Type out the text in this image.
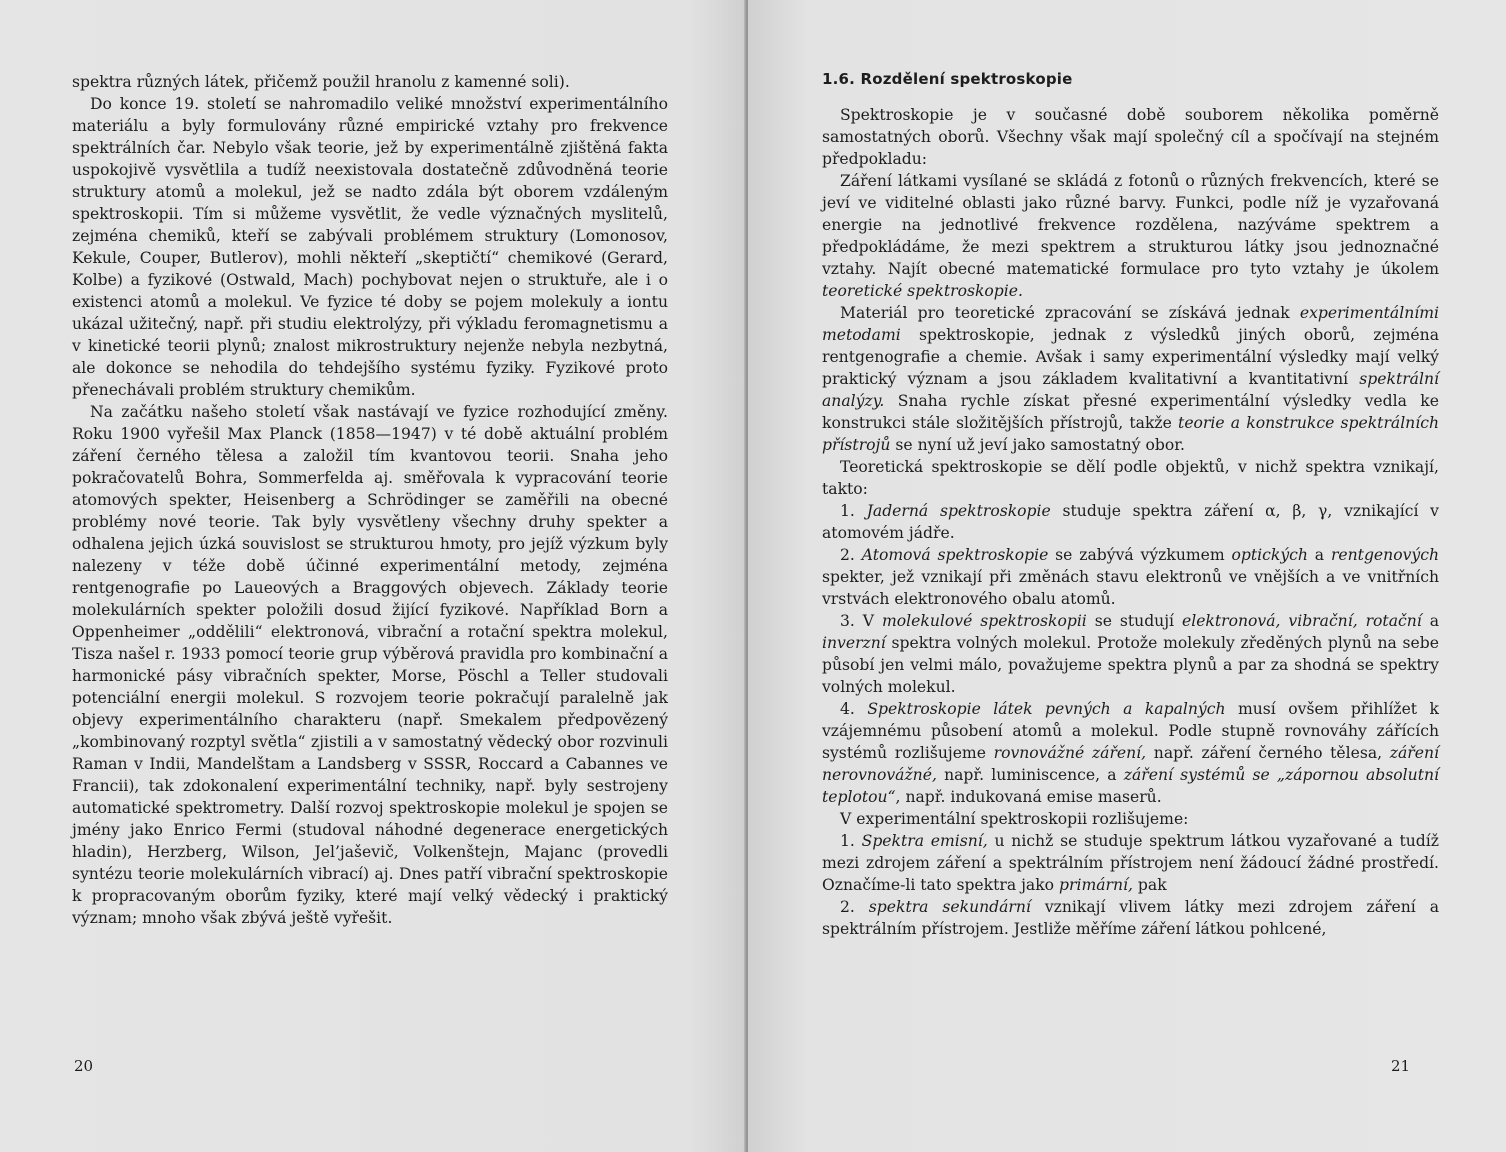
spektra různých látek, přičemž použil hranolu z kamenné soli).

Do konce 19. století se nahromadilo veliké množství experimentálního materiálu a byly formulovány různé empirické vztahy pro frekvence spektrálních čar. Nebylo však teorie, jež by experimentálně zjištěná fakta uspokojivě vysvětlila a tudíž neexistovala dostatečně zdůvodněná teorie struktury atomů a molekul, jež se nadto zdála být oborem vzdáleným spektroskopii. Tím si můžeme vysvětlit, že vedle význačných myslitelů, zejména chemiků, kteří se zabývali problémem struktury (Lomonosov, Kekule, Couper, Butlerov), mohli někteří „skeptičtí“ chemikové (Gerard, Kolbe) a fyzikové (Ostwald, Mach) pochybovat nejen o struktuře, ale i o existenci atomů a molekul. Ve fyzice té doby se pojem molekuly a iontu ukázal užitečný, např. při studiu elektrolýzy, při výkladu feromagnetismu a v kinetické teorii plynů; znalost mikrostruktury nejenže nebyla nezbytná, ale dokonce se nehodila do tehdejšího systému fyziky. Fyzikové proto přenechávali problém struktury chemikům.

Na začátku našeho století však nastávají ve fyzice rozhodující změny. Roku 1900 vyřešil Max Planck (1858—1947) v té době aktuální problém záření černého tělesa a založil tím kvantovou teorii. Snaha jeho pokračovatelů Bohra, Sommerfelda aj. směřovala k vypracování teorie atomových spekter, Heisenberg a Schrödinger se zaměřili na obecné problémy nové teorie. Tak byly vysvětleny všechny druhy spekter a odhalena jejich úzká souvislost se strukturou hmoty, pro jejíž výzkum byly nalezeny v téže době účinné experimentální metody, zejména rentgenografie po Laueových a Braggových objevech. Základy teorie molekulárních spekter položili dosud žijící fyzikové. Například Born a Oppenheimer „oddělili“ elektronová, vibrační a rotační spektra molekul, Tisza našel r. 1933 pomocí teorie grup výběrová pravidla pro kombinační a harmonické pásy vibračních spekter, Morse, Pöschl a Teller studovali potenciální energii molekul. S rozvojem teorie pokračují paralelně jak objevy experimentálního charakteru (např. Smekalem předpovězený „kombinovaný rozptyl světla“ zjistili a v samostatný vědecký obor rozvinuli Raman v Indii, Mandelštam a Landsberg v SSSR, Roccard a Cabannes ve Francii), tak zdokonalení experimentální techniky, např. byly sestrojeny automatické spektrometry. Další rozvoj spektroskopie molekul je spojen se jmény jako Enrico Fermi (studoval náhodné degenerace energetických hladin), Herzberg, Wilson, Jel’jaševič, Volkenštejn, Majanc (provedli syntézu teorie molekulárních vibrací) aj. Dnes patří vibrační spektroskopie k propracovaným oborům fyziky, které mají velký vědecký i praktický význam; mnoho však zbývá ještě vyřešit.

20
1.6. Rozdělení spektroskopie

Spektroskopie je v současné době souborem několika poměrně samostatných oborů. Všechny však mají společný cíl a spočívají na stejném předpokladu:

Záření látkami vysílané se skládá z fotonů o různých frekvencích, které se jeví ve viditelné oblasti jako různé barvy. Funkci, podle níž je vyzařovaná energie na jednotlivé frekvence rozdělena, nazýváme spektrem a předpokládáme, že mezi spektrem a strukturou látky jsou jednoznačné vztahy. Najít obecné matematické formulace pro tyto vztahy je úkolem teoretické spektroskopie.

Materiál pro teoretické zpracování se získává jednak experimentálními metodami spektroskopie, jednak z výsledků jiných oborů, zejména rentgenografie a chemie. Avšak i samy experimentální výsledky mají velký praktický význam a jsou základem kvalitativní a kvantitativní spektrální analýzy. Snaha rychle získat přesné experimentální výsledky vedla ke konstrukci stále složitějších přístrojů, takže teorie a konstrukce spektrálních přístrojů se nyní už jeví jako samostatný obor.

Teoretická spektroskopie se dělí podle objektů, v nichž spektra vznikají, takto:

1. Jaderná spektroskopie studuje spektra záření α, β, γ, vznikající v atomovém jádře.

2. Atomová spektroskopie se zabývá výzkumem optických a rentgenových spekter, jež vznikají při změnách stavu elektronů ve vnějších a ve vnitřních vrstvách elektronového obalu atomů.

3. V molekulové spektroskopii se studují elektronová, vibrační, rotační a inverzní spektra volných molekul. Protože molekuly zředěných plynů na sebe působí jen velmi málo, považujeme spektra plynů a par za shodná se spektry volných molekul.

4. Spektroskopie látek pevných a kapalných musí ovšem přihlížet k vzájemnému působení atomů a molekul. Podle stupně rovnováhy zářících systémů rozlišujeme rovnovážné záření, např. záření černého tělesa, záření nerovnovážné, např. luminiscence, a záření systémů se „zápornou absolutní teplotou“, např. indukovaná emise maserů.

V experimentální spektroskopii rozlišujeme:

1. Spektra emisní, u nichž se studuje spektrum látkou vyzařované a tudíž mezi zdrojem záření a spektrálním přístrojem není žádoucí žádné prostředí. Označíme-li tato spektra jako primární, pak

2. spektra sekundární vznikají vlivem látky mezi zdrojem záření a spektrálním přístrojem. Jestliže měříme záření látkou pohlcené,

21
